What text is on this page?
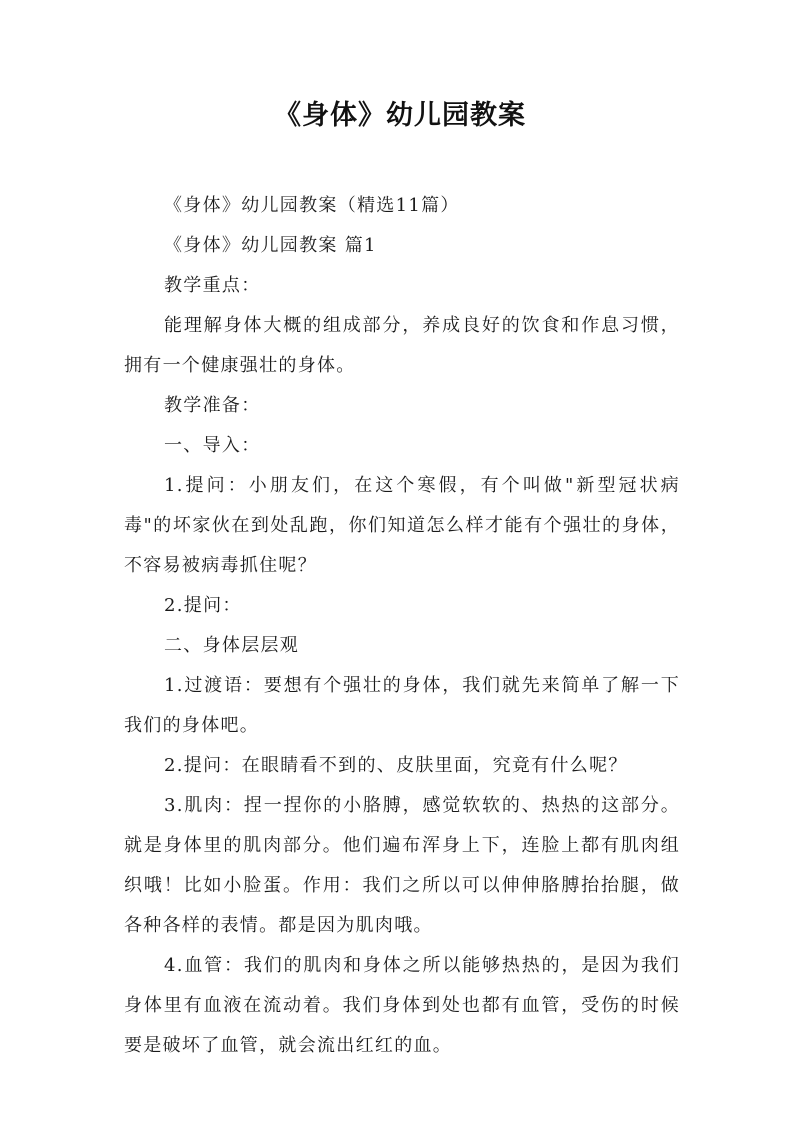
《身体》幼儿园教案

《身体》幼儿园教案（精选11篇）

《身体》幼儿园教案 篇1

教学重点：

能理解身体大概的组成部分，养成良好的饮食和作息习惯，拥有一个健康强壮的身体。

教学准备：

一、导入：

1.提问：小朋友们，在这个寒假，有个叫做"新型冠状病毒"的坏家伙在到处乱跑，你们知道怎么样才能有个强壮的身体，不容易被病毒抓住呢？

2.提问：

二、身体层层观

1.过渡语：要想有个强壮的身体，我们就先来简单了解一下我们的身体吧。

2.提问：在眼睛看不到的、皮肤里面，究竟有什么呢？

3.肌肉：捏一捏你的小胳膊，感觉软软的、热热的这部分。就是身体里的肌肉部分。他们遍布浑身上下，连脸上都有肌肉组织哦！比如小脸蛋。作用：我们之所以可以伸伸胳膊抬抬腿，做各种各样的表情。都是因为肌肉哦。

4.血管：我们的肌肉和身体之所以能够热热的，是因为我们身体里有血液在流动着。我们身体到处也都有血管，受伤的时候要是破坏了血管，就会流出红红的血。
